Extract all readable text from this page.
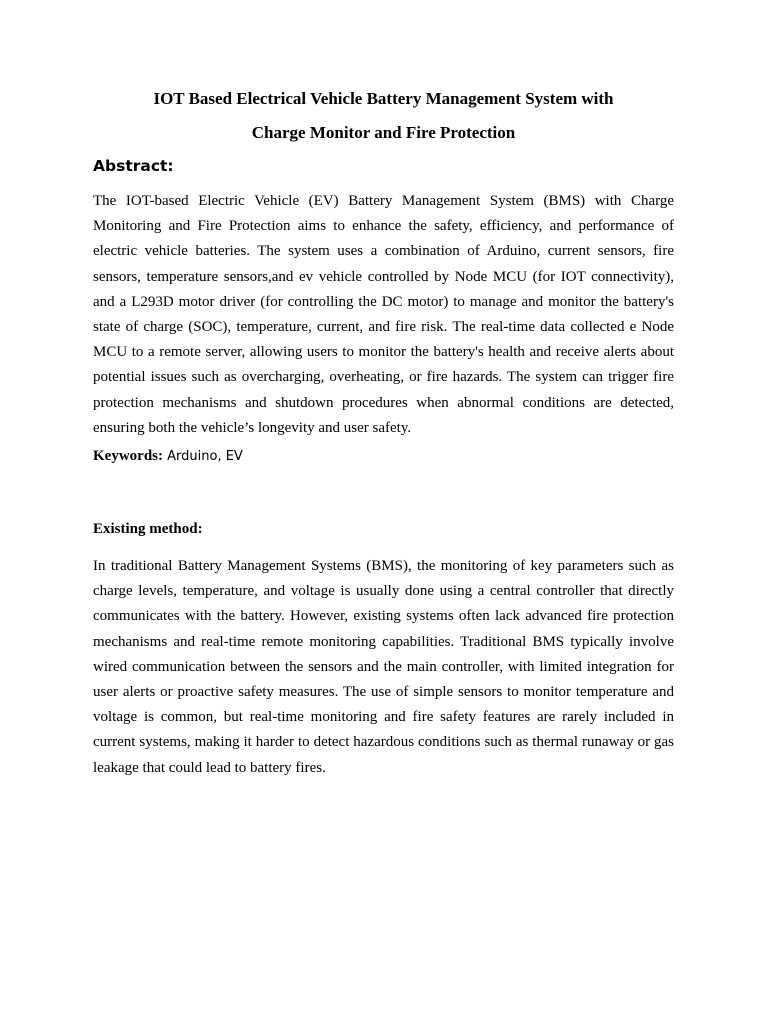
IOT Based Electrical Vehicle Battery Management System with
Charge Monitor and Fire Protection
Abstract:

The IOT-based Electric Vehicle (EV) Battery Management System (BMS) with Charge Monitoring and Fire Protection aims to enhance the safety, efficiency, and performance of electric vehicle batteries. The system uses a combination of Arduino, current sensors, fire sensors, temperature sensors,and ev vehicle controlled by Node MCU (for IOT connectivity), and a L293D motor driver (for controlling the DC motor) to manage and monitor the battery's state of charge (SOC), temperature, current, and fire risk. The real-time data collected e Node MCU to a remote server, allowing users to monitor the battery's health and receive alerts about potential issues such as overcharging, overheating, or fire hazards. The system can trigger fire protection mechanisms and shutdown procedures when abnormal conditions are detected, ensuring both the vehicle’s longevity and user safety.

Keywords: Arduino, EV

Existing method:

In traditional Battery Management Systems (BMS), the monitoring of key parameters such as charge levels, temperature, and voltage is usually done using a central controller that directly communicates with the battery. However, existing systems often lack advanced fire protection mechanisms and real-time remote monitoring capabilities. Traditional BMS typically involve wired communication between the sensors and the main controller, with limited integration for user alerts or proactive safety measures. The use of simple sensors to monitor temperature and voltage is common, but real-time monitoring and fire safety features are rarely included in current systems, making it harder to detect hazardous conditions such as thermal runaway or gas leakage that could lead to battery fires.
